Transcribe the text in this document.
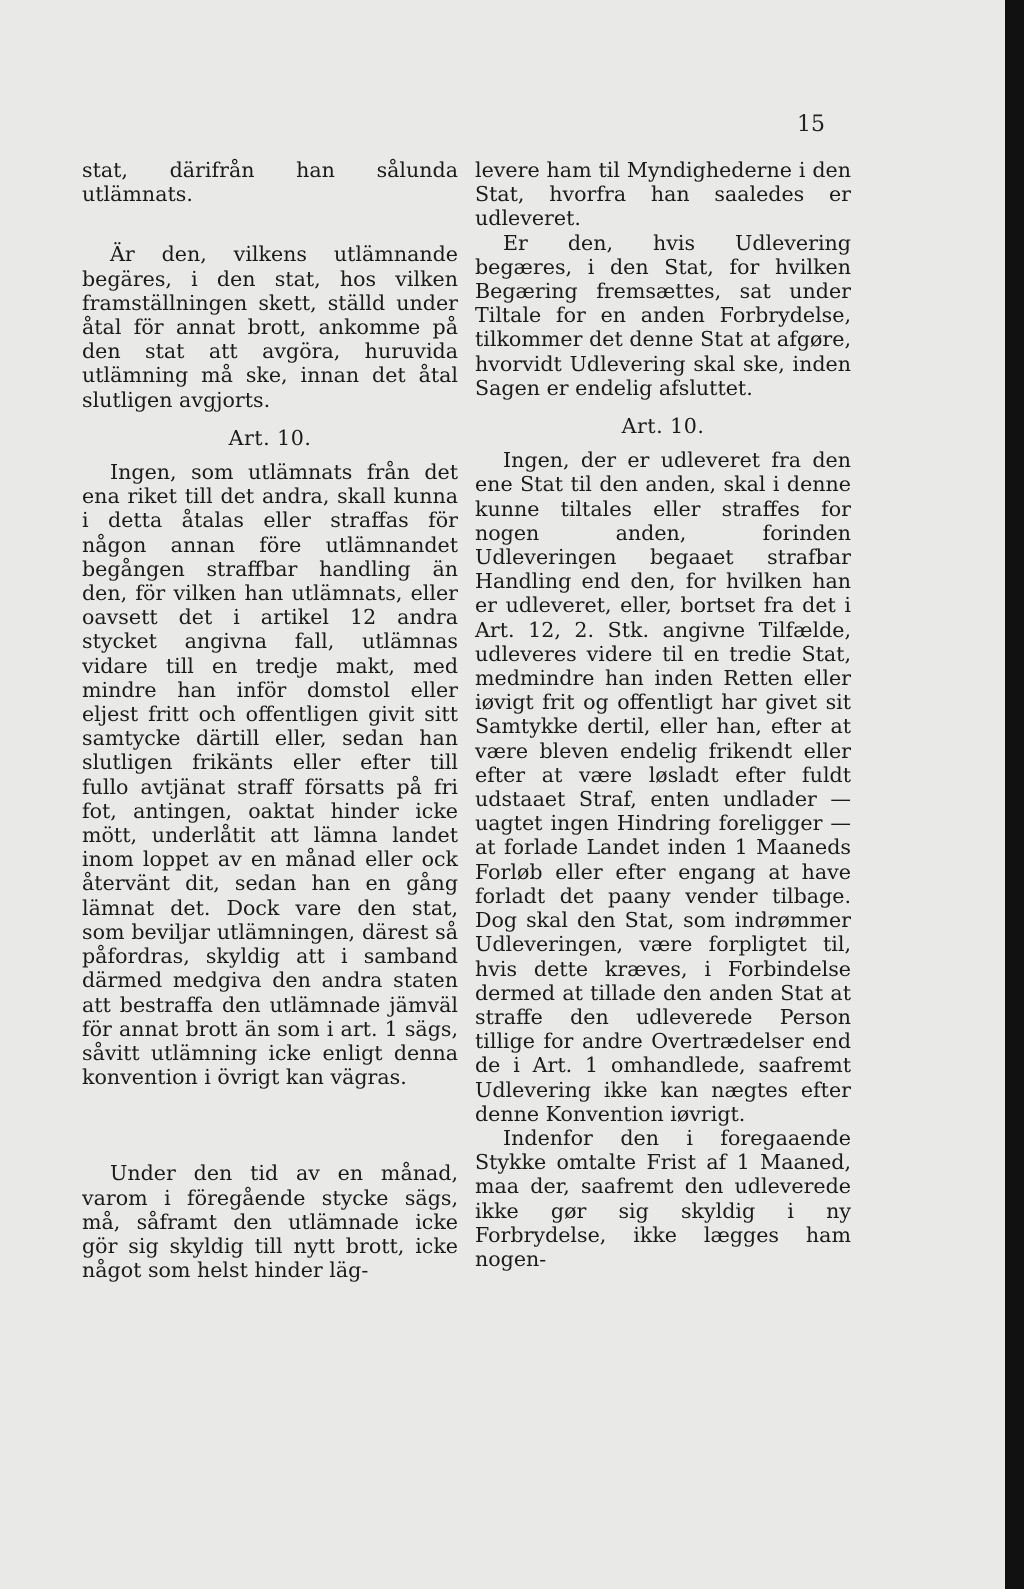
15

stat, därifrån han sålunda utlämnats.

Är den, vilkens utlämnande begäres, i den stat, hos vilken framställningen skett, ställd under åtal för annat brott, ankomme på den stat att avgöra, huruvida utlämning må ske, innan det åtal slutligen avgjorts.

Art. 10.

Ingen, som utlämnats från det ena riket till det andra, skall kunna i detta åtalas eller straffas för någon annan före utlämnandet begången straffbar handling än den, för vilken han utlämnats, eller oavsett det i artikel 12 andra stycket angivna fall, utlämnas vidare till en tredje makt, med mindre han inför domstol eller eljest fritt och offentligen givit sitt samtycke därtill eller, sedan han slutligen frikänts eller efter till fullo avtjänat straff försatts på fri fot, antingen, oaktat hinder icke mött, underlåtit att lämna landet inom loppet av en månad eller ock återvänt dit, sedan han en gång lämnat det. Dock vare den stat, som beviljar utlämningen, därest så påfordras, skyldig att i samband därmed medgiva den andra staten att bestraffa den utlämnade jämväl för annat brott än som i art. 1 sägs, såvitt utlämning icke enligt denna konvention i övrigt kan vägras.

Under den tid av en månad, varom i föregående stycke sägs, må, såframt den utlämnade icke gör sig skyldig till nytt brott, icke något som helst hinder läg-

levere ham til Myndighederne i den Stat, hvorfra han saaledes er udleveret.

Er den, hvis Udlevering begæres, i den Stat, for hvilken Begæring fremsættes, sat under Tiltale for en anden Forbrydelse, tilkommer det denne Stat at afgøre, hvorvidt Udlevering skal ske, inden Sagen er endelig afsluttet.

Art. 10.

Ingen, der er udleveret fra den ene Stat til den anden, skal i denne kunne tiltales eller straffes for nogen anden, forinden Udleveringen begaaet strafbar Handling end den, for hvilken han er udleveret, eller, bortset fra det i Art. 12, 2. Stk. angivne Tilfælde, udleveres videre til en tredie Stat, medmindre han inden Retten eller iøvigt frit og offentligt har givet sit Samtykke dertil, eller han, efter at være bleven endelig frikendt eller efter at være løsladt efter fuldt udstaaet Straf, enten undlader — uagtet ingen Hindring foreligger — at forlade Landet inden 1 Maaneds Forløb eller efter engang at have forladt det paany vender tilbage. Dog skal den Stat, som indrømmer Udleveringen, være forpligtet til, hvis dette kræves, i Forbindelse dermed at tillade den anden Stat at straffe den udleverede Person tillige for andre Overtrædelser end de i Art. 1 omhandlede, saafremt Udlevering ikke kan nægtes efter denne Konvention iøvrigt.

Indenfor den i foregaaende Stykke omtalte Frist af 1 Maaned, maa der, saafremt den udleverede ikke gør sig skyldig i ny Forbrydelse, ikke lægges ham nogen-
